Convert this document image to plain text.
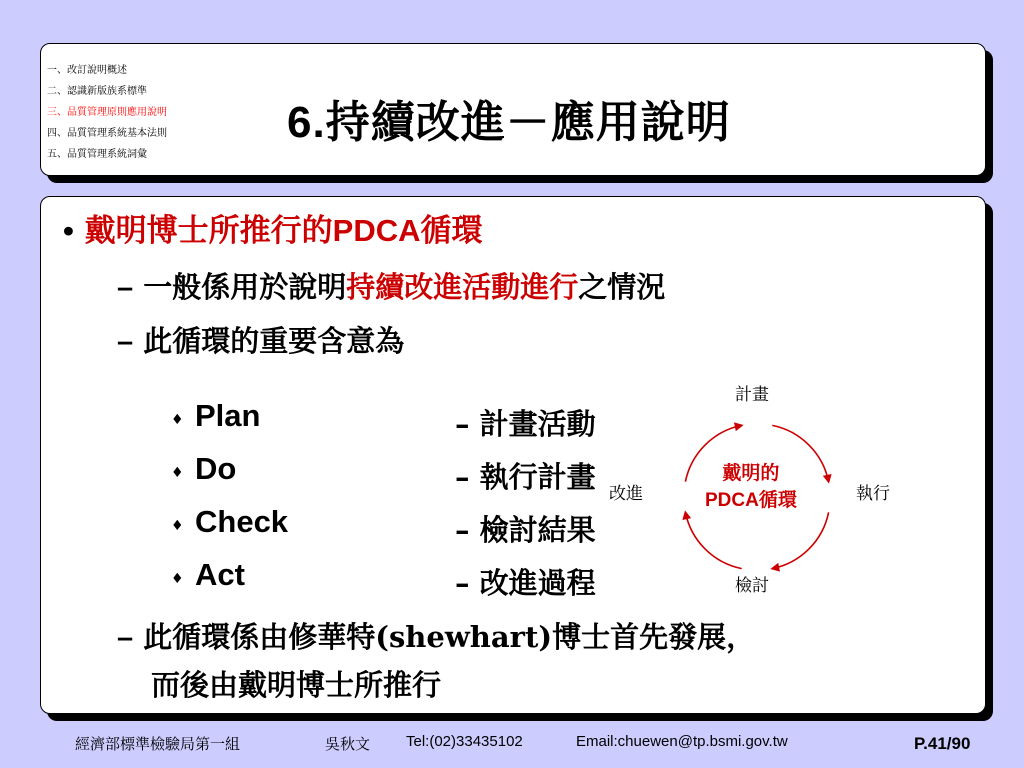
一、改訂說明概述
二、認識新版族系標準
三、品質管理原則應用說明
四、品質管理系統基本法則
五、品質管理系統詞彙
6.持續改進－應用說明
• 戴明博士所推行的PDCA循環
– 一般係用於說明持續改進活動進行之情況
– 此循環的重要含意為
♦ Plan	– 計畫活動
♦ Do	– 執行計畫
♦ Check	– 檢討結果
♦ Act	– 改進過程
戴明的
PDCA循環
計畫
執行
檢討
改進
– 此循環係由修華特(shewhart)博士首先發展，
而後由戴明博士所推行
經濟部標準檢驗局第一組	吳秋文 Tel:(02)33435102	Email:chuewen@tp.bsmi.gov.tw	P.41/90
